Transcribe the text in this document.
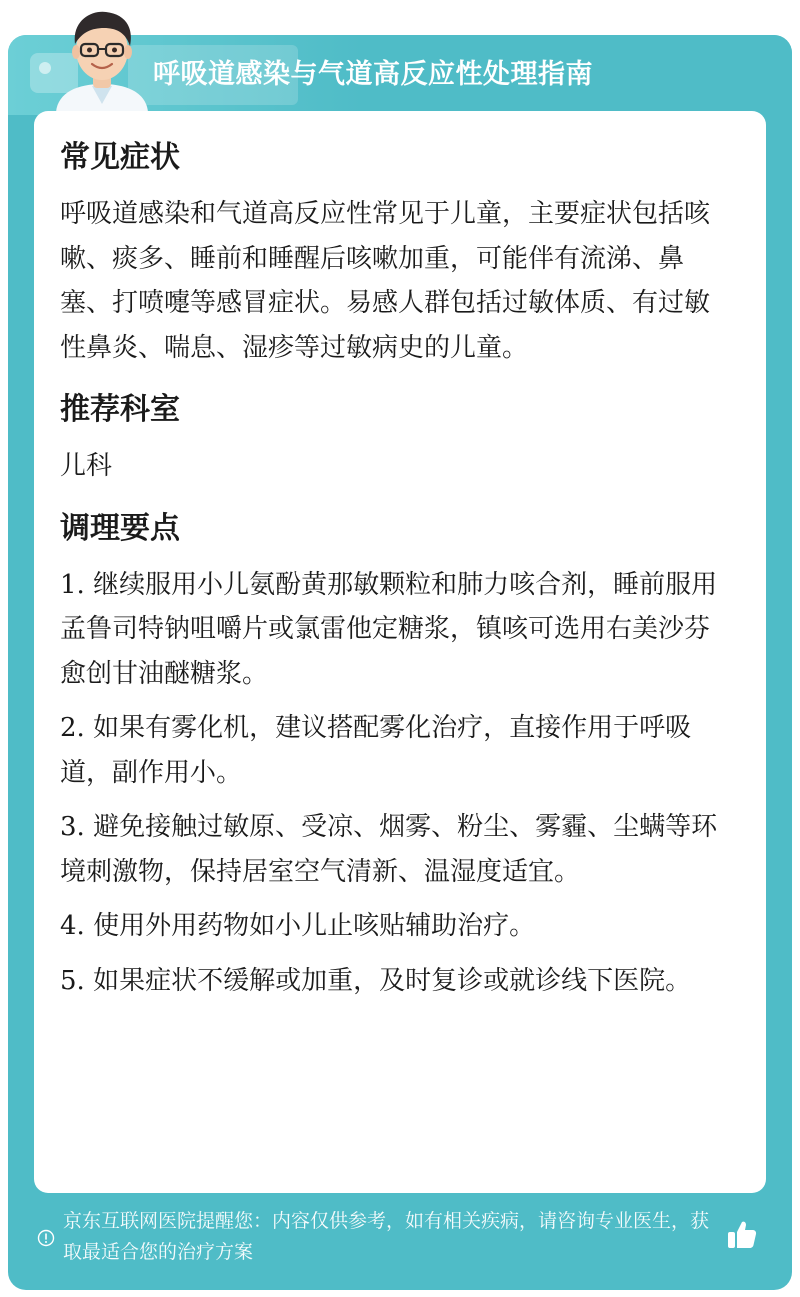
呼吸道感染与气道高反应性处理指南
常见症状

呼吸道感染和气道高反应性常见于儿童，主要症状包括咳嗽、痰多、睡前和睡醒后咳嗽加重，可能伴有流涕、鼻塞、打喷嚏等感冒症状。易感人群包括过敏体质、有过敏性鼻炎、喘息、湿疹等过敏病史的儿童。

推荐科室

儿科

调理要点

1. 继续服用小儿氨酚黄那敏颗粒和肺力咳合剂，睡前服用孟鲁司特钠咀嚼片或氯雷他定糖浆，镇咳可选用右美沙芬愈创甘油醚糖浆。

2. 如果有雾化机，建议搭配雾化治疗，直接作用于呼吸道，副作用小。

3. 避免接触过敏原、受凉、烟雾、粉尘、雾霾、尘螨等环境刺激物，保持居室空气清新、温湿度适宜。

4. 使用外用药物如小儿止咳贴辅助治疗。

5. 如果症状不缓解或加重，及时复诊或就诊线下医院。

京东互联网医院提醒您：内容仅供参考，如有相关疾病，请咨询专业医生，获取最适合您的治疗方案
